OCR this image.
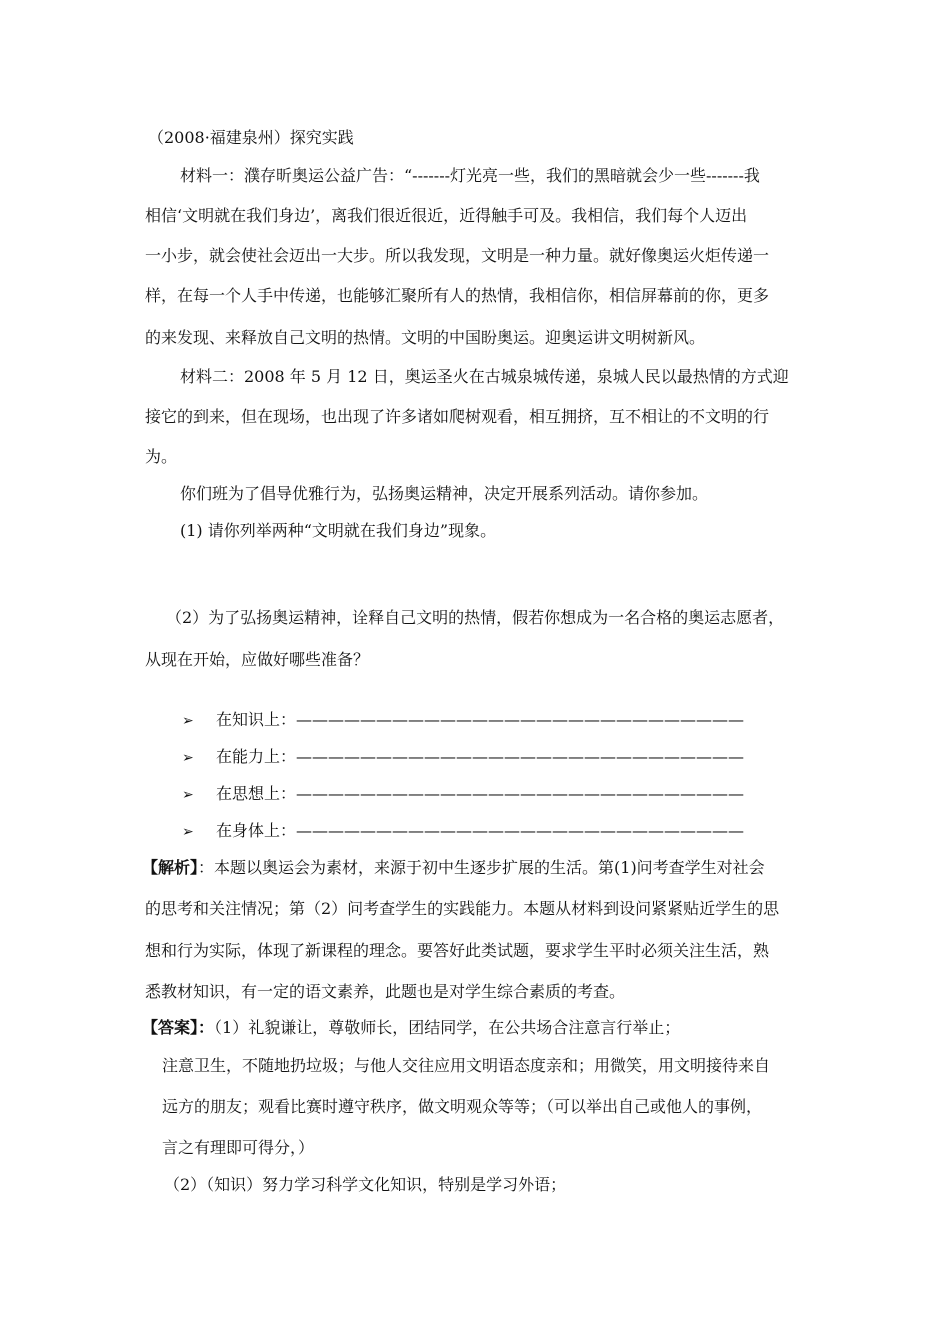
（2008·福建泉州）探究实践

材料一：濮存昕奥运公益广告：“-------灯光亮一些，我们的黑暗就会少一些-------我

相信‘文明就在我们身边’，离我们很近很近，近得触手可及。我相信，我们每个人迈出

一小步，就会使社会迈出一大步。所以我发现，文明是一种力量。就好像奥运火炬传递一

样，在每一个人手中传递，也能够汇聚所有人的热情，我相信你，相信屏幕前的你，更多

的来发现、来释放自己文明的热情。文明的中国盼奥运。迎奥运讲文明树新风。

材料二：2008 年 5 月 12 日，奥运圣火在古城泉城传递，泉城人民以最热情的方式迎

接它的到来，但在现场，也出现了许多诸如爬树观看，相互拥挤，互不相让的不文明的行

为。

你们班为了倡导优雅行为，弘扬奥运精神，决定开展系列活动。请你参加。

(1) 请你列举两种“文明就在我们身边”现象。

（2）为了弘扬奥运精神，诠释自己文明的热情，假若你想成为一名合格的奥运志愿者，

从现在开始，应做好哪些准备？

➢ 在知识上：————————————————————————————

➢ 在能力上：————————————————————————————

➢ 在思想上：————————————————————————————

➢ 在身体上：————————————————————————————

【解析】：本题以奥运会为素材，来源于初中生逐步扩展的生活。第(1)问考查学生对社会

的思考和关注情况；第（2）问考查学生的实践能力。本题从材料到设问紧紧贴近学生的思

想和行为实际，体现了新课程的理念。要答好此类试题，要求学生平时必须关注生活，熟

悉教材知识，有一定的语文素养，此题也是对学生综合素质的考查。

【答案】：（1）礼貌谦让，尊敬师长，团结同学，在公共场合注意言行举止；

注意卫生，不随地扔垃圾；与他人交往应用文明语态度亲和；用微笑，用文明接待来自

远方的朋友；观看比赛时遵守秩序，做文明观众等等；（可以举出自己或他人的事例，

言之有理即可得分，）

（2）（知识）努力学习科学文化知识，特别是学习外语；
